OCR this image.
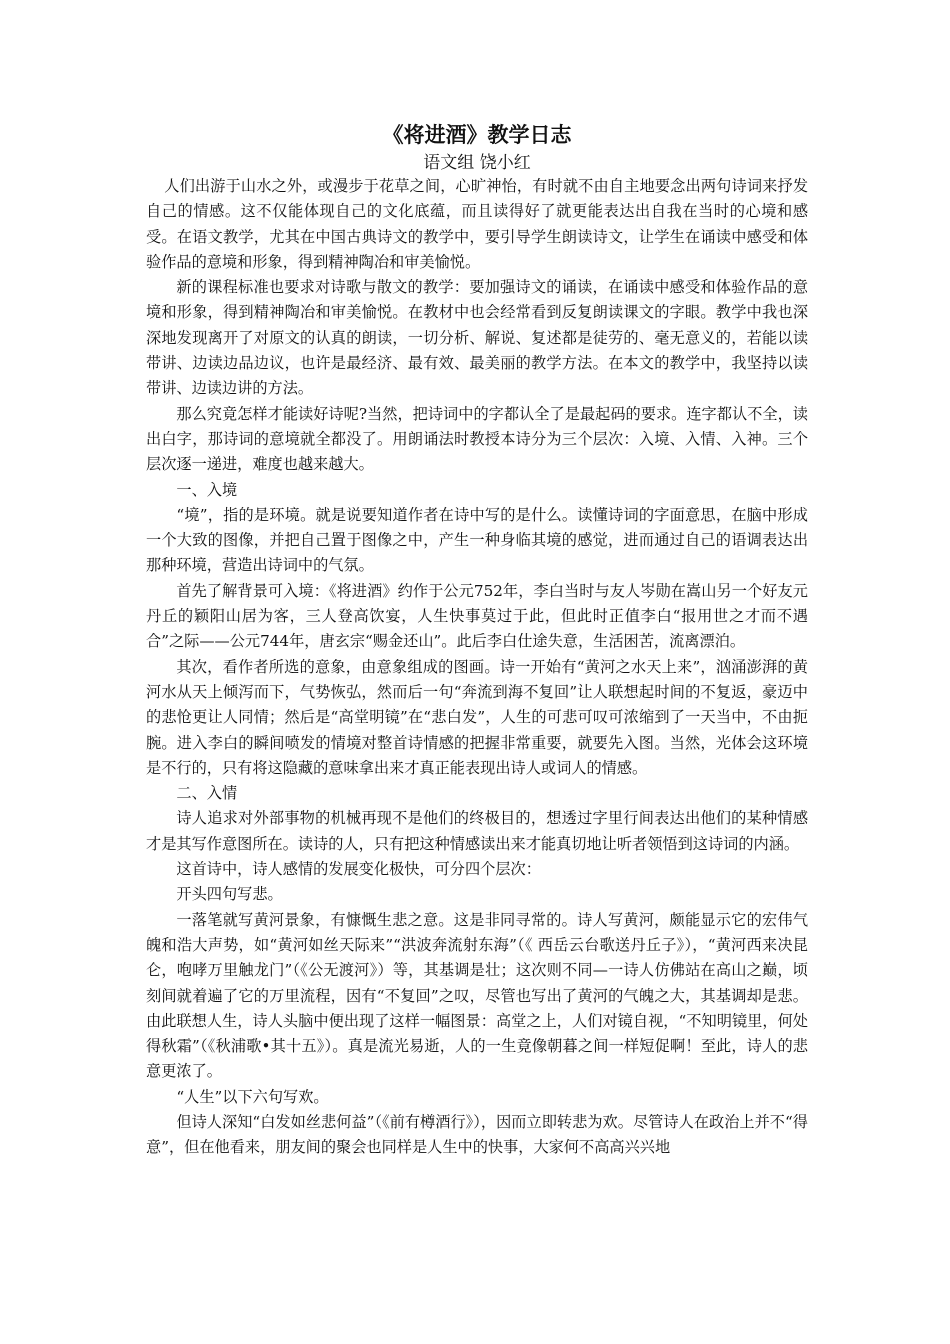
《将进酒》教学日志

语文组 饶小红

人们出游于山水之外，或漫步于花草之间，心旷神怡，有时就不由自主地要念出两句诗词来抒发自己的情感。这不仅能体现自己的文化底蕴，而且读得好了就更能表达出自我在当时的心境和感受。在语文教学，尤其在中国古典诗文的教学中，要引导学生朗读诗文，让学生在诵读中感受和体验作品的意境和形象，得到精神陶冶和审美愉悦。

新的课程标准也要求对诗歌与散文的教学：要加强诗文的诵读，在诵读中感受和体验作品的意境和形象，得到精神陶冶和审美愉悦。在教材中也会经常看到反复朗读课文的字眼。教学中我也深深地发现离开了对原文的认真的朗读，一切分析、解说、复述都是徒劳的、毫无意义的，若能以读带讲、边读边品边议，也许是最经济、最有效、最美丽的教学方法。在本文的教学中，我坚持以读带讲、边读边讲的方法。

那么究竟怎样才能读好诗呢?当然，把诗词中的字都认全了是最起码的要求。连字都认不全，读出白字，那诗词的意境就全都没了。用朗诵法时教授本诗分为三个层次：入境、入情、入神。三个层次逐一递进，难度也越来越大。

一、入境

“境”，指的是环境。就是说要知道作者在诗中写的是什么。读懂诗词的字面意思，在脑中形成一个大致的图像，并把自己置于图像之中，产生一种身临其境的感觉，进而通过自己的语调表达出那种环境，营造出诗词中的气氛。

首先了解背景可入境：《将进酒》约作于公元752年，李白当时与友人岑勋在嵩山另一个好友元丹丘的颖阳山居为客，三人登高饮宴，人生快事莫过于此，但此时正值李白“报用世之才而不遇合”之际——公元744年，唐玄宗“赐金还山”。此后李白仕途失意，生活困苦，流离漂泊。

其次，看作者所选的意象，由意象组成的图画。诗一开始有“黄河之水天上来”，汹涌澎湃的黄河水从天上倾泻而下，气势恢弘，然而后一句“奔流到海不复回”让人联想起时间的不复返，豪迈中的悲怆更让人同情；然后是“高堂明镜”在“悲白发”，人生的可悲可叹可浓缩到了一天当中，不由扼腕。进入李白的瞬间喷发的情境对整首诗情感的把握非常重要，就要先入图。当然，光体会这环境是不行的，只有将这隐藏的意味拿出来才真正能表现出诗人或词人的情感。

二、入情

诗人追求对外部事物的机械再现不是他们的终极目的，想透过字里行间表达出他们的某种情感才是其写作意图所在。读诗的人，只有把这种情感读出来才能真切地让听者领悟到这诗词的内涵。

这首诗中，诗人感情的发展变化极快，可分四个层次：

开头四句写悲。

一落笔就写黄河景象，有慷慨生悲之意。这是非同寻常的。诗人写黄河，颇能显示它的宏伟气魄和浩大声势，如“黄河如丝天际来”“洪波奔流射东海”（《 西岳云台歌送丹丘子》），“黄河西来决昆仑，咆哮万里触龙门”（《公无渡河》）等，其基调是壮；这次则不同—一诗人仿佛站在高山之巅，顷刻间就着遍了它的万里流程，因有“不复回”之叹，尽管也写出了黄河的气魄之大，其基调却是悲。由此联想人生，诗人头脑中便出现了这样一幅图景：高堂之上，人们对镜自视，“不知明镜里，何处得秋霜”（《秋浦歌•其十五》）。真是流光易逝，人的一生竟像朝暮之间一样短促啊！至此，诗人的悲意更浓了。

“人生”以下六句写欢。

但诗人深知“白发如丝悲何益”（《前有樽酒行》），因而立即转悲为欢。尽管诗人在政治上并不“得意”，但在他看来，朋友间的聚会也同样是人生中的快事，大家何不高高兴兴地
